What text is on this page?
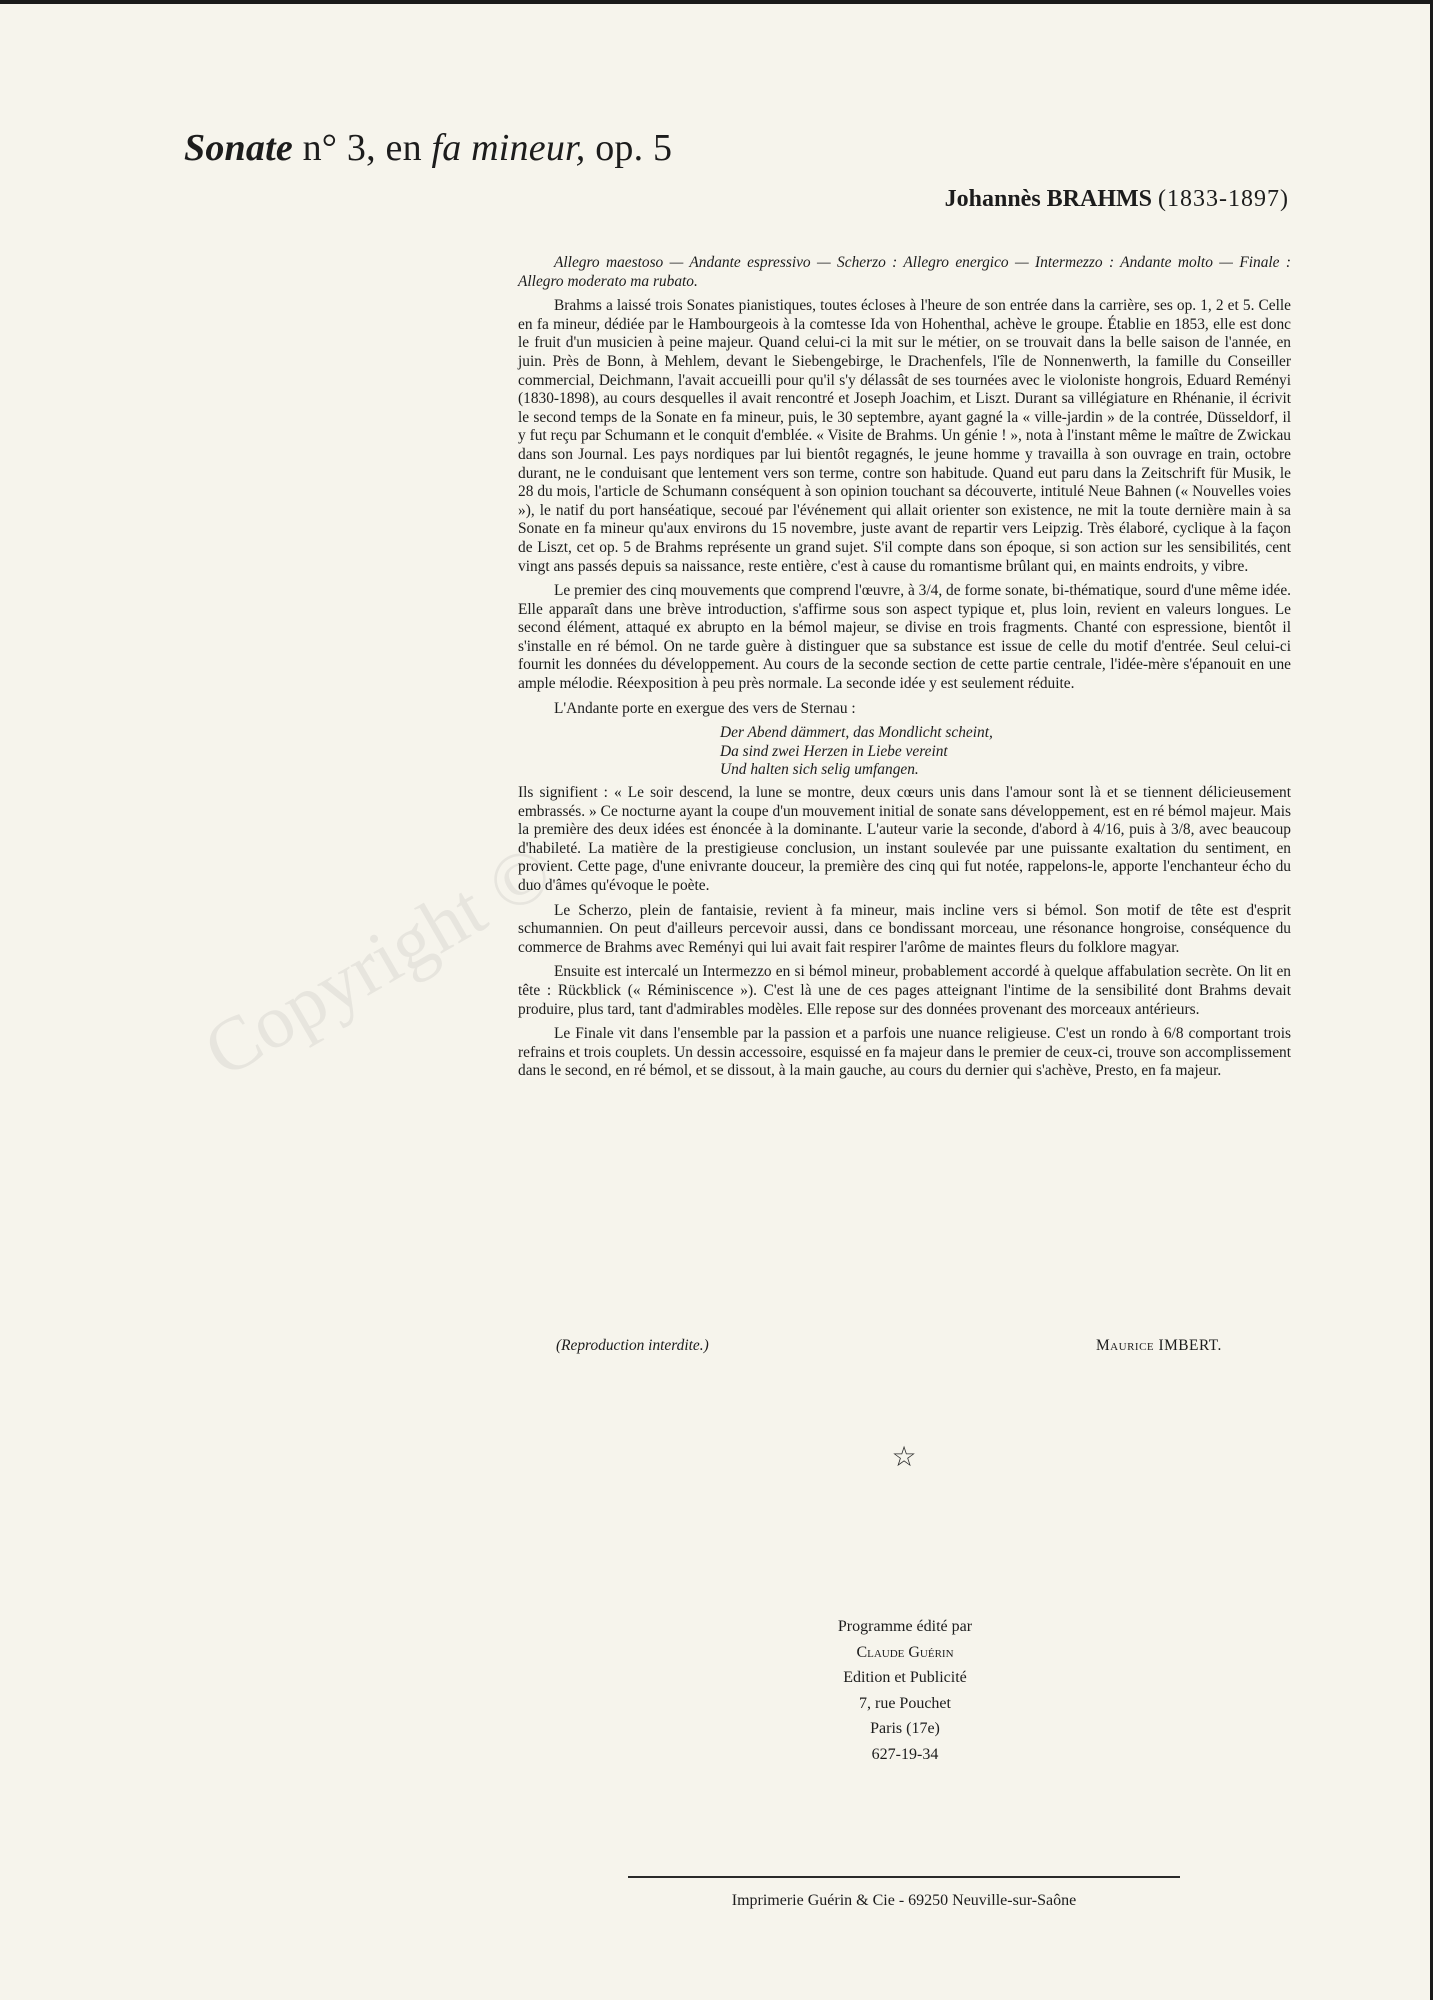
Copyright ©
Sonate n° 3, en fa mineur, op. 5
Johannès BRAHMS (1833-1897)

Allegro maestoso — Andante espressivo — Scherzo : Allegro energico — Intermezzo : Andante molto — Finale : Allegro moderato ma rubato.

Brahms a laissé trois Sonates pianistiques, toutes écloses à l'heure de son entrée dans la carrière, ses op. 1, 2 et 5. Celle en fa mineur, dédiée par le Hambourgeois à la comtesse Ida von Hohenthal, achève le groupe. Établie en 1853, elle est donc le fruit d'un musicien à peine majeur. Quand celui-ci la mit sur le métier, on se trouvait dans la belle saison de l'année, en juin. Près de Bonn, à Mehlem, devant le Siebengebirge, le Drachenfels, l'île de Nonnenwerth, la famille du Conseiller commercial, Deichmann, l'avait accueilli pour qu'il s'y délassât de ses tournées avec le violoniste hongrois, Eduard Reményi (1830-1898), au cours desquelles il avait rencontré et Joseph Joachim, et Liszt. Durant sa villégiature en Rhénanie, il écrivit le second temps de la Sonate en fa mineur, puis, le 30 septembre, ayant gagné la « ville-jardin » de la contrée, Düsseldorf, il y fut reçu par Schumann et le conquit d'emblée. « Visite de Brahms. Un génie ! », nota à l'instant même le maître de Zwickau dans son Journal. Les pays nordiques par lui bientôt regagnés, le jeune homme y travailla à son ouvrage en train, octobre durant, ne le conduisant que lentement vers son terme, contre son habitude. Quand eut paru dans la Zeitschrift für Musik, le 28 du mois, l'article de Schumann conséquent à son opinion touchant sa découverte, intitulé Neue Bahnen (« Nouvelles voies »), le natif du port hanséatique, secoué par l'événement qui allait orienter son existence, ne mit la toute dernière main à sa Sonate en fa mineur qu'aux environs du 15 novembre, juste avant de repartir vers Leipzig. Très élaboré, cyclique à la façon de Liszt, cet op. 5 de Brahms représente un grand sujet. S'il compte dans son époque, si son action sur les sensibilités, cent vingt ans passés depuis sa naissance, reste entière, c'est à cause du romantisme brûlant qui, en maints endroits, y vibre.

Le premier des cinq mouvements que comprend l'œuvre, à 3/4, de forme sonate, bi-thématique, sourd d'une même idée. Elle apparaît dans une brève introduction, s'affirme sous son aspect typique et, plus loin, revient en valeurs longues. Le second élément, attaqué ex abrupto en la bémol majeur, se divise en trois fragments. Chanté con espressione, bientôt il s'installe en ré bémol. On ne tarde guère à distinguer que sa substance est issue de celle du motif d'entrée. Seul celui-ci fournit les données du développement. Au cours de la seconde section de cette partie centrale, l'idée-mère s'épanouit en une ample mélodie. Réexposition à peu près normale. La seconde idée y est seulement réduite.

L'Andante porte en exergue des vers de Sternau :

Der Abend dämmert, das Mondlicht scheint,
Da sind zwei Herzen in Liebe vereint
Und halten sich selig umfangen.

Ils signifient : « Le soir descend, la lune se montre, deux cœurs unis dans l'amour sont là et se tiennent délicieusement embrassés. » Ce nocturne ayant la coupe d'un mouvement initial de sonate sans développement, est en ré bémol majeur. Mais la première des deux idées est énoncée à la dominante. L'auteur varie la seconde, d'abord à 4/16, puis à 3/8, avec beaucoup d'habileté. La matière de la prestigieuse conclusion, un instant soulevée par une puissante exaltation du sentiment, en provient. Cette page, d'une enivrante douceur, la première des cinq qui fut notée, rappelons-le, apporte l'enchanteur écho du duo d'âmes qu'évoque le poète.

Le Scherzo, plein de fantaisie, revient à fa mineur, mais incline vers si bémol. Son motif de tête est d'esprit schumannien. On peut d'ailleurs percevoir aussi, dans ce bondissant morceau, une résonance hongroise, conséquence du commerce de Brahms avec Reményi qui lui avait fait respirer l'arôme de maintes fleurs du folklore magyar.

Ensuite est intercalé un Intermezzo en si bémol mineur, probablement accordé à quelque affabulation secrète. On lit en tête : Rückblick (« Réminiscence »). C'est là une de ces pages atteignant l'intime de la sensibilité dont Brahms devait produire, plus tard, tant d'admirables modèles. Elle repose sur des données provenant des morceaux antérieurs.

Le Finale vit dans l'ensemble par la passion et a parfois une nuance religieuse. C'est un rondo à 6/8 comportant trois refrains et trois couplets. Un dessin accessoire, esquissé en fa majeur dans le premier de ceux-ci, trouve son accomplissement dans le second, en ré bémol, et se dissout, à la main gauche, au cours du dernier qui s'achève, Presto, en fa majeur.

(Reproduction interdite.)	Maurice IMBERT.
☆
Programme édité par
Claude Guérin
Edition et Publicité
7, rue Pouchet
Paris (17e)
627-19-34
Imprimerie Guérin & Cie - 69250 Neuville-sur-Saône
